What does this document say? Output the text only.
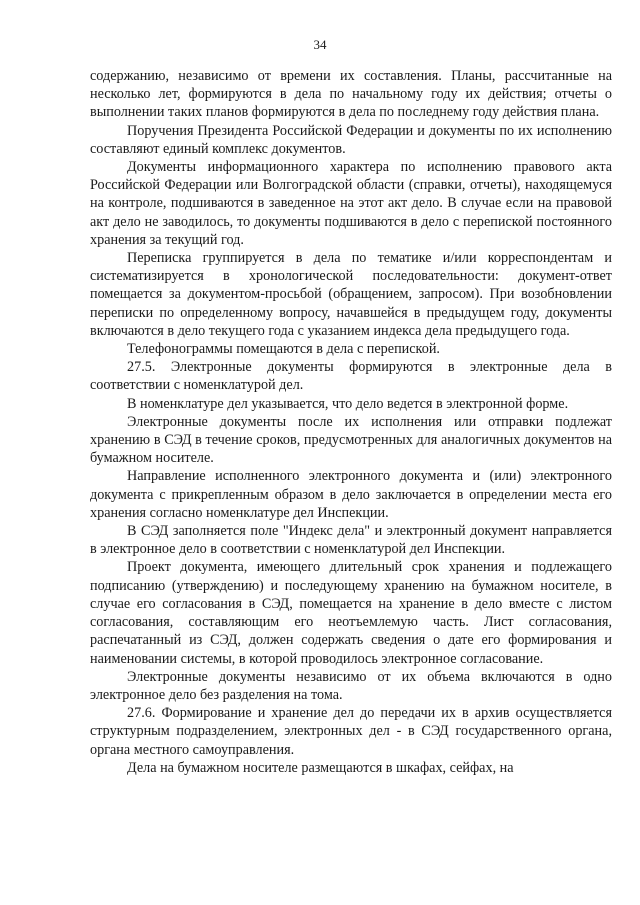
34

содержанию, независимо от времени их составления. Планы, рассчитанные на несколько лет, формируются в дела по начальному году их действия; отчеты о выполнении таких планов формируются в дела по последнему году действия плана.

Поручения Президента Российской Федерации и документы по их исполнению составляют единый комплекс документов.

Документы информационного характера по исполнению правового акта Российской Федерации или Волгоградской области (справки, отчеты), находящемуся на контроле, подшиваются в заведенное на этот акт дело. В случае если на правовой акт дело не заводилось, то документы подшиваются в дело с перепиской постоянного хранения за текущий год.

Переписка группируется в дела по тематике и/или корреспондентам и систематизируется в хронологической последовательности: документ-ответ помещается за документом-просьбой (обращением, запросом). При возобновлении переписки по определенному вопросу, начавшейся в предыдущем году, документы включаются в дело текущего года с указанием индекса дела предыдущего года.

Телефонограммы помещаются в дела с перепиской.

27.5. Электронные документы формируются в электронные дела в соответствии с номенклатурой дел.

В номенклатуре дел указывается, что дело ведется в электронной форме.

Электронные документы после их исполнения или отправки подлежат хранению в СЭД в течение сроков, предусмотренных для аналогичных документов на бумажном носителе.

Направление исполненного электронного документа и (или) электронного документа с прикрепленным образом в дело заключается в определении места его хранения согласно номенклатуре дел Инспекции.

В СЭД заполняется поле "Индекс дела" и электронный документ направляется в электронное дело в соответствии с номенклатурой дел Инспекции.

Проект документа, имеющего длительный срок хранения и подлежащего подписанию (утверждению) и последующему хранению на бумажном носителе, в случае его согласования в СЭД, помещается на хранение в дело вместе с листом согласования, составляющим его неотъемлемую часть. Лист согласования, распечатанный из СЭД, должен содержать сведения о дате его формирования и наименовании системы, в которой проводилось электронное согласование.

Электронные документы независимо от их объема включаются в одно электронное дело без разделения на тома.

27.6. Формирование и хранение дел до передачи их в архив осуществляется структурным подразделением, электронных дел - в СЭД государственного органа, органа местного самоуправления.

Дела на бумажном носителе размещаются в шкафах, сейфах, на
